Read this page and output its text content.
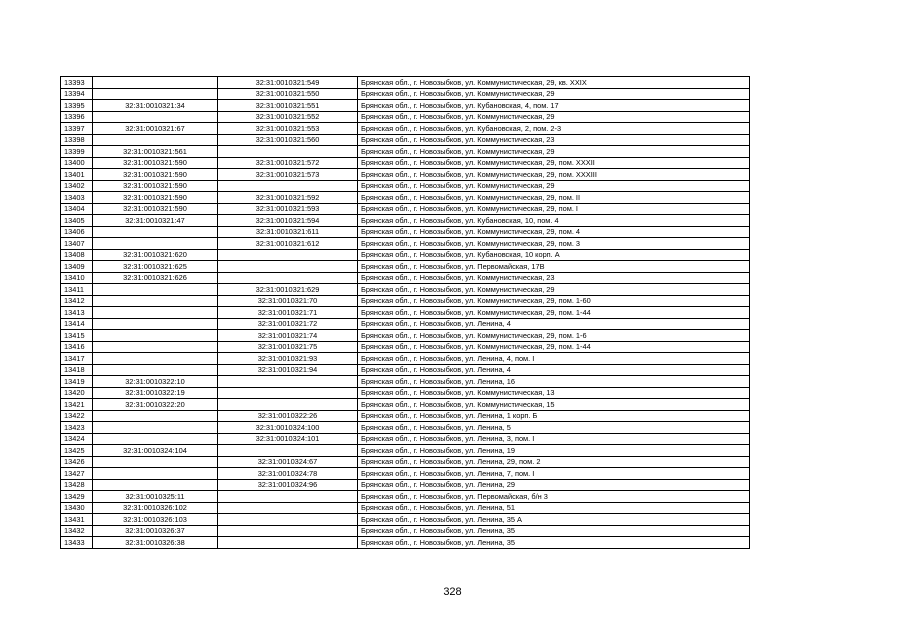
13393		32:31:0010321:549	Брянская обл., г. Новозыбков, ул. Коммунистическая, 29, кв. XXIX
13394		32:31:0010321:550	Брянская обл., г. Новозыбков, ул. Коммунистическая, 29
13395	32:31:0010321:34	32:31:0010321:551	Брянская обл., г. Новозыбков, ул. Кубановская, 4, пом. 17
13396		32:31:0010321:552	Брянская обл., г. Новозыбков, ул. Коммунистическая, 29
13397	32:31:0010321:67	32:31:0010321:553	Брянская обл., г. Новозыбков, ул. Кубановская, 2, пом. 2-3
13398		32:31:0010321:560	Брянская обл., г. Новозыбков, ул. Коммунистическая, 23
13399	32:31:0010321:561		Брянская обл., г. Новозыбков, ул. Коммунистическая, 29
13400	32:31:0010321:590	32:31:0010321:572	Брянская обл., г. Новозыбков, ул. Коммунистическая, 29, пом. XXXII
13401	32:31:0010321:590	32:31:0010321:573	Брянская обл., г. Новозыбков, ул. Коммунистическая, 29, пом. XXXIII
13402	32:31:0010321:590		Брянская обл., г. Новозыбков, ул. Коммунистическая, 29
13403	32:31:0010321:590	32:31:0010321:592	Брянская обл., г. Новозыбков, ул. Коммунистическая, 29, пом. II
13404	32:31:0010321:590	32:31:0010321:593	Брянская обл., г. Новозыбков, ул. Коммунистическая, 29, пом. I
13405	32:31:0010321:47	32:31:0010321:594	Брянская обл., г. Новозыбков, ул. Кубановская, 10, пом. 4
13406		32:31:0010321:611	Брянская обл., г. Новозыбков, ул. Коммунистическая, 29, пом. 4
13407		32:31:0010321:612	Брянская обл., г. Новозыбков, ул. Коммунистическая, 29, пом. 3
13408	32:31:0010321:620		Брянская обл., г. Новозыбков, ул. Кубановская, 10 корп. А
13409	32:31:0010321:625		Брянская обл., г. Новозыбков, ул. Первомайская, 17В
13410	32:31:0010321:626		Брянская обл., г. Новозыбков, ул. Коммунистическая, 23
13411		32:31:0010321:629	Брянская обл., г. Новозыбков, ул. Коммунистическая, 29
13412		32:31:0010321:70	Брянская обл., г. Новозыбков, ул. Коммунистическая, 29, пом. 1-60
13413		32:31:0010321:71	Брянская обл., г. Новозыбков, ул. Коммунистическая, 29, пом. 1-44
13414		32:31:0010321:72	Брянская обл., г. Новозыбков, ул. Ленина, 4
13415		32:31:0010321:74	Брянская обл., г. Новозыбков, ул. Коммунистическая, 29, пом. 1-6
13416		32:31:0010321:75	Брянская обл., г. Новозыбков, ул. Коммунистическая, 29, пом. 1-44
13417		32:31:0010321:93	Брянская обл., г. Новозыбков, ул. Ленина, 4, пом. I
13418		32:31:0010321:94	Брянская обл., г. Новозыбков, ул. Ленина, 4
13419	32:31:0010322:10		Брянская обл., г. Новозыбков, ул. Ленина, 16
13420	32:31:0010322:19		Брянская обл., г. Новозыбков, ул. Коммунистическая, 13
13421	32:31:0010322:20		Брянская обл., г. Новозыбков, ул. Коммунистическая, 15
13422		32:31:0010322:26	Брянская обл., г. Новозыбков, ул. Ленина, 1 корп. Б
13423		32:31:0010324:100	Брянская обл., г. Новозыбков, ул. Ленина, 5
13424		32:31:0010324:101	Брянская обл., г. Новозыбков, ул. Ленина, 3, пом. I
13425	32:31:0010324:104		Брянская обл., г. Новозыбков, ул. Ленина, 19
13426		32:31:0010324:67	Брянская обл., г. Новозыбков, ул. Ленина, 29, пом. 2
13427		32:31:0010324:78	Брянская обл., г. Новозыбков, ул. Ленина, 7, пом. I
13428		32:31:0010324:96	Брянская обл., г. Новозыбков, ул. Ленина, 29
13429	32:31:0010325:11		Брянская обл., г. Новозыбков, ул. Первомайская, б/н 3
13430	32:31:0010326:102		Брянская обл., г. Новозыбков, ул. Ленина, 51
13431	32:31:0010326:103		Брянская обл., г. Новозыбков, ул. Ленина, 35 А
13432	32:31:0010326:37		Брянская обл., г. Новозыбков, ул. Ленина, 35
13433	32:31:0010326:38		Брянская обл., г. Новозыбков, ул. Ленина, 35
328
